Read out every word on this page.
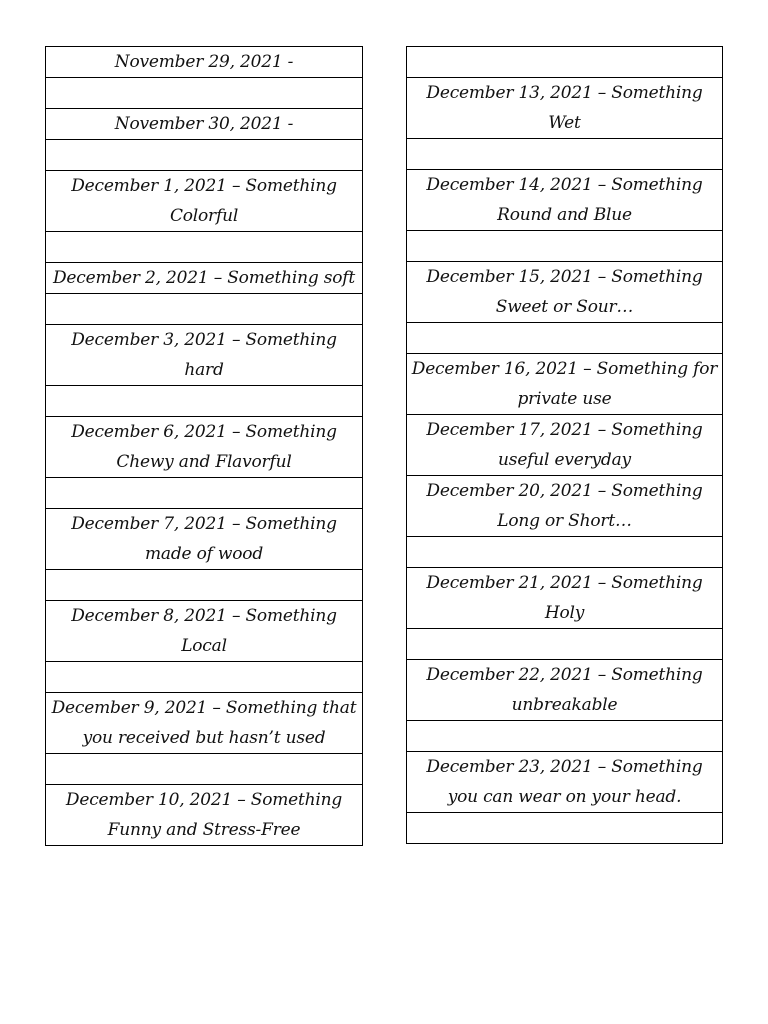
November 29, 2021 -

November 30, 2021 -

December 1, 2021 – Something Colorful

December 2, 2021 – Something soft

December 3, 2021 – Something hard

December 6, 2021 – Something Chewy and Flavorful

December 7, 2021 – Something made of wood

December 8, 2021 – Something Local

December 9, 2021 – Something that you received but hasn’t used

December 10, 2021 – Something Funny and Stress-Free

December 13, 2021 – Something Wet

December 14, 2021 – Something Round and Blue

December 15, 2021 – Something Sweet or Sour…

December 16, 2021 – Something for private use
December 17, 2021 – Something useful everyday
December 20, 2021 – Something Long or Short…

December 21, 2021 – Something Holy

December 22, 2021 – Something unbreakable

December 23, 2021 – Something you can wear on your head.
